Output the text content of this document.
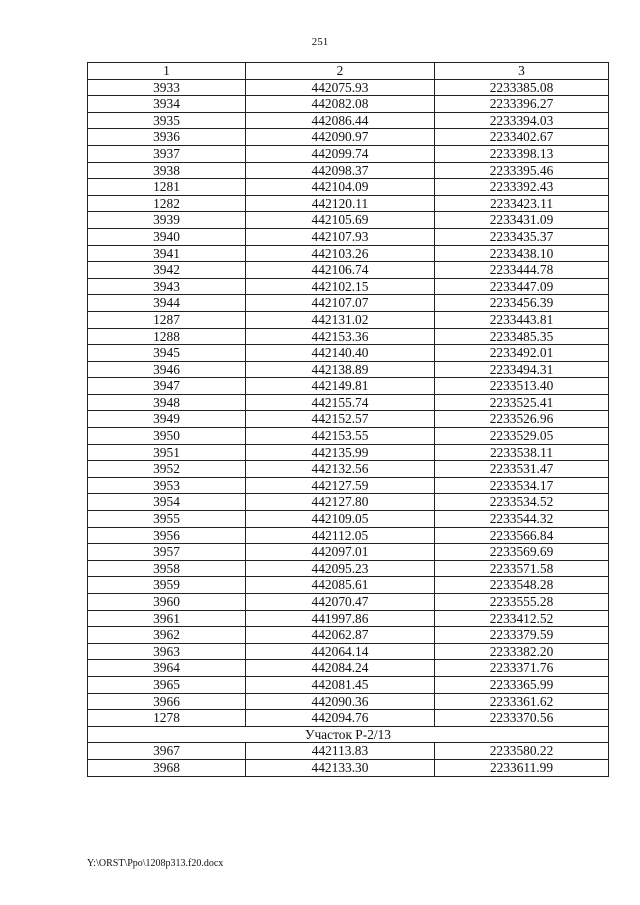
251
1	2	3
3933	442075.93	2233385.08
3934	442082.08	2233396.27
3935	442086.44	2233394.03
3936	442090.97	2233402.67
3937	442099.74	2233398.13
3938	442098.37	2233395.46
1281	442104.09	2233392.43
1282	442120.11	2233423.11
3939	442105.69	2233431.09
3940	442107.93	2233435.37
3941	442103.26	2233438.10
3942	442106.74	2233444.78
3943	442102.15	2233447.09
3944	442107.07	2233456.39
1287	442131.02	2233443.81
1288	442153.36	2233485.35
3945	442140.40	2233492.01
3946	442138.89	2233494.31
3947	442149.81	2233513.40
3948	442155.74	2233525.41
3949	442152.57	2233526.96
3950	442153.55	2233529.05
3951	442135.99	2233538.11
3952	442132.56	2233531.47
3953	442127.59	2233534.17
3954	442127.80	2233534.52
3955	442109.05	2233544.32
3956	442112.05	2233566.84
3957	442097.01	2233569.69
3958	442095.23	2233571.58
3959	442085.61	2233548.28
3960	442070.47	2233555.28
3961	441997.86	2233412.52
3962	442062.87	2233379.59
3963	442064.14	2233382.20
3964	442084.24	2233371.76
3965	442081.45	2233365.99
3966	442090.36	2233361.62
1278	442094.76	2233370.56
Участок Р-2/13		
3967	442113.83	2233580.22
3968	442133.30	2233611.99
Y:\ORST\Ppo\1208p313.f20.docx
